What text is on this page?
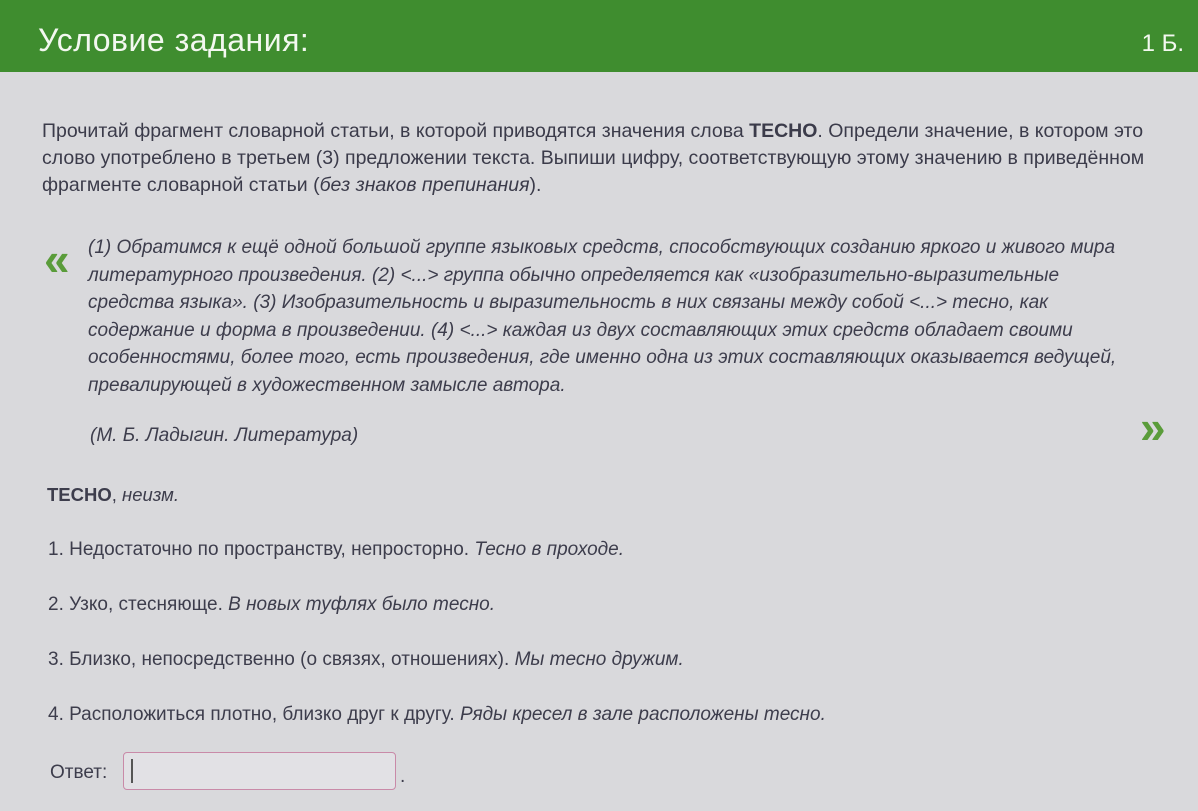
Условие задания:	1 Б.
Прочитай фрагмент словарной статьи, в которой приводятся значения слова ТЕСНО. Определи значение, в котором это слово употреблено в третьем (3) предложении текста. Выпиши цифру, соответствующую этому значению в приведённом фрагменте словарной статьи (без знаков препинания).
« (1) Обратимся к ещё одной большой группе языковых средств, способствующих созданию яркого и живого мира литературного произведения. (2) <...> группа обычно определяется как «изобразительно-выразительные средства языка». (3) Изобразительность и выразительность в них связаны между собой <...> тесно, как содержание и форма в произведении. (4) <...> каждая из двух составляющих этих средств обладает своими особенностями, более того, есть произведения, где именно одна из этих составляющих оказывается ведущей, превалирующей в художественном замысле автора.
(М. Б. Ладыгин. Литература)	»
ТЕСНО, неизм.
1. Недостаточно по пространству, непросторно. Тесно в проходе.
2. Узко, стесняюще. В новых туфлях было тесно.
3. Близко, непосредственно (о связях, отношениях). Мы тесно дружим.
4. Расположиться плотно, близко друг к другу. Ряды кресел в зале расположены тесно.
Ответ:	.
